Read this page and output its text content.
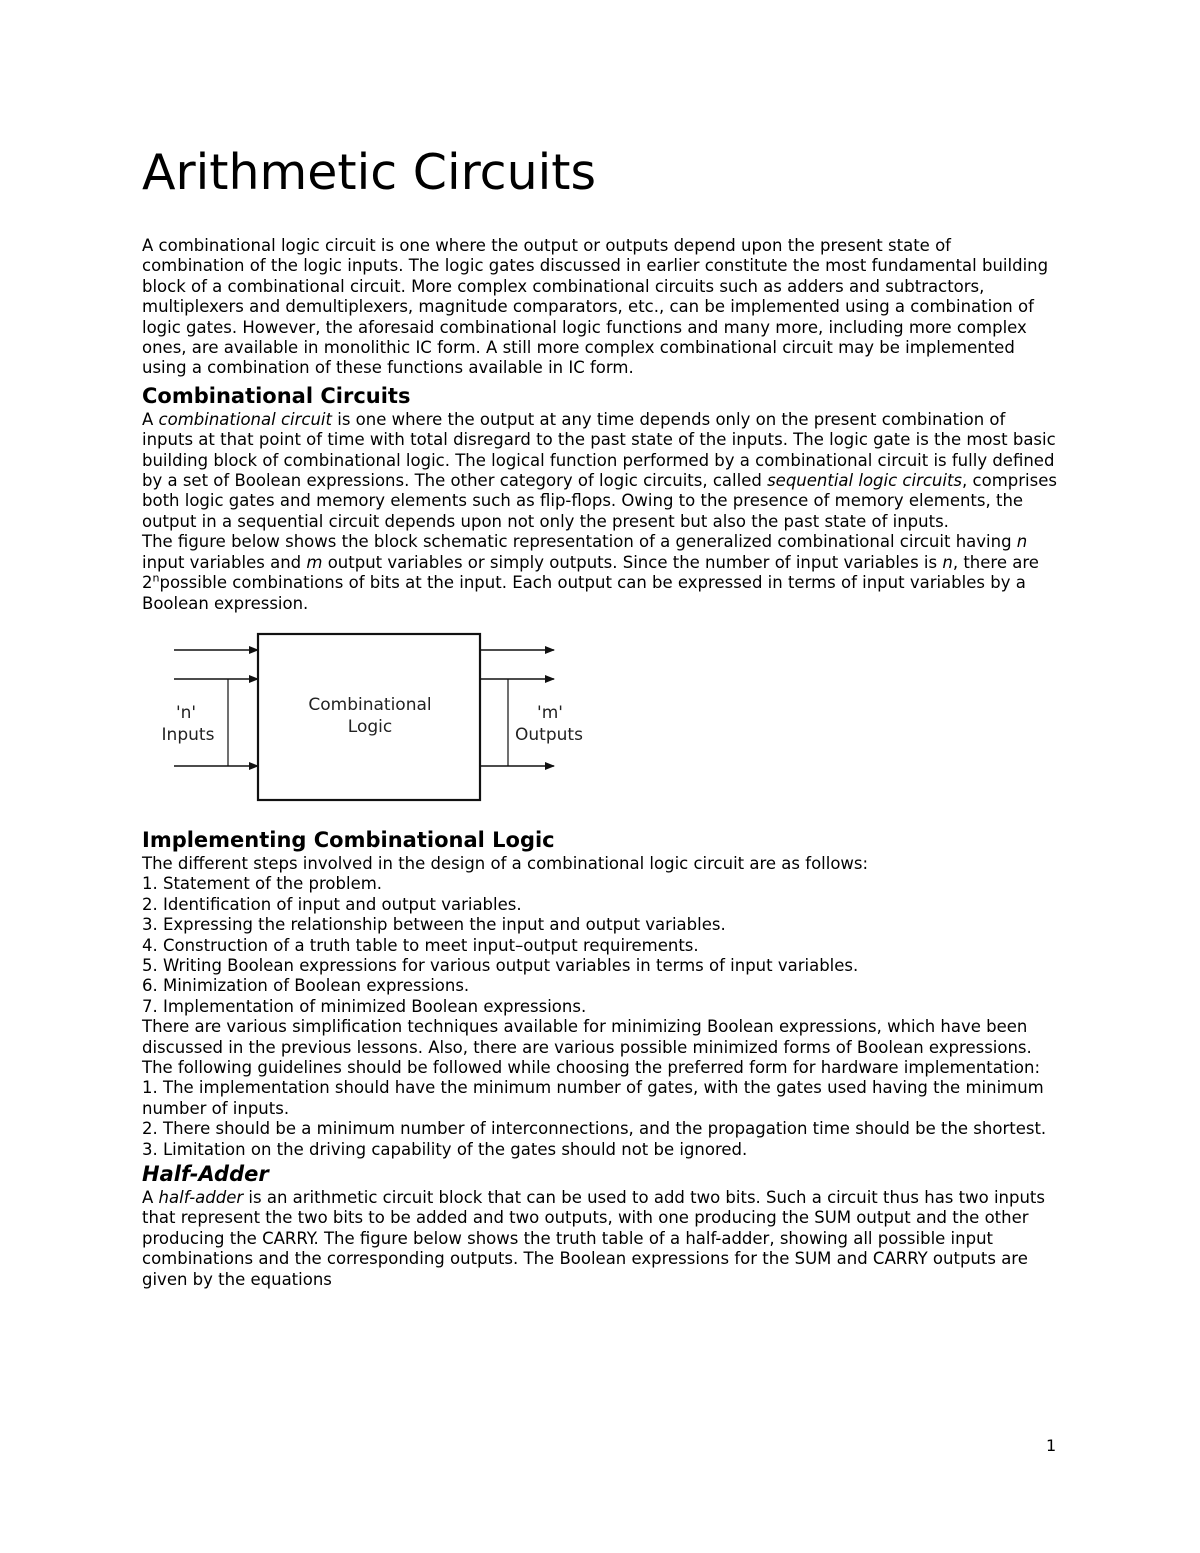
Arithmetic Circuits

A combinational logic circuit is one where the output or outputs depend upon the present state of combination of the logic inputs. The logic gates discussed in earlier constitute the most fundamental building block of a combinational circuit. More complex combinational circuits such as adders and subtractors, multiplexers and demultiplexers, magnitude comparators, etc., can be implemented using a combination of logic gates. However, the aforesaid combinational logic functions and many more, including more complex ones, are available in monolithic IC form. A still more complex combinational circuit may be implemented using a combination of these functions available in IC form.

Combinational Circuits

A combinational circuit is one where the output at any time depends only on the present combination of inputs at that point of time with total disregard to the past state of the inputs. The logic gate is the most basic building block of combinational logic. The logical function performed by a combinational circuit is fully defined by a set of Boolean expressions. The other category of logic circuits, called sequential logic circuits, comprises both logic gates and memory elements such as flip-flops. Owing to the presence of memory elements, the output in a sequential circuit depends upon not only the present but also the past state of inputs.

The figure below shows the block schematic representation of a generalized combinational circuit having n input variables and m output variables or simply outputs. Since the number of input variables is n, there are 2$^n$possible combinations of bits at the input. Each output can be expressed in terms of input variables by a Boolean expression.

Combinational
Logic
'n'
Inputs
'm'
Outputs
Implementing Combinational Logic

The different steps involved in the design of a combinational logic circuit are as follows:

1. Statement of the problem.
2. Identification of input and output variables.
3. Expressing the relationship between the input and output variables.
4. Construction of a truth table to meet input–output requirements.
5. Writing Boolean expressions for various output variables in terms of input variables.
6. Minimization of Boolean expressions.
7. Implementation of minimized Boolean expressions.

There are various simplification techniques available for minimizing Boolean expressions, which have been discussed in the previous lessons. Also, there are various possible minimized forms of Boolean expressions. The following guidelines should be followed while choosing the preferred form for hardware implementation:

1. The implementation should have the minimum number of gates, with the gates used having the minimum number of inputs.
2. There should be a minimum number of interconnections, and the propagation time should be the shortest.
3. Limitation on the driving capability of the gates should not be ignored.
Half-Adder

A half-adder is an arithmetic circuit block that can be used to add two bits. Such a circuit thus has two inputs that represent the two bits to be added and two outputs, with one producing the SUM output and the other producing the CARRY. The figure below shows the truth table of a half-adder, showing all possible input combinations and the corresponding outputs. The Boolean expressions for the SUM and CARRY outputs are given by the equations

1
